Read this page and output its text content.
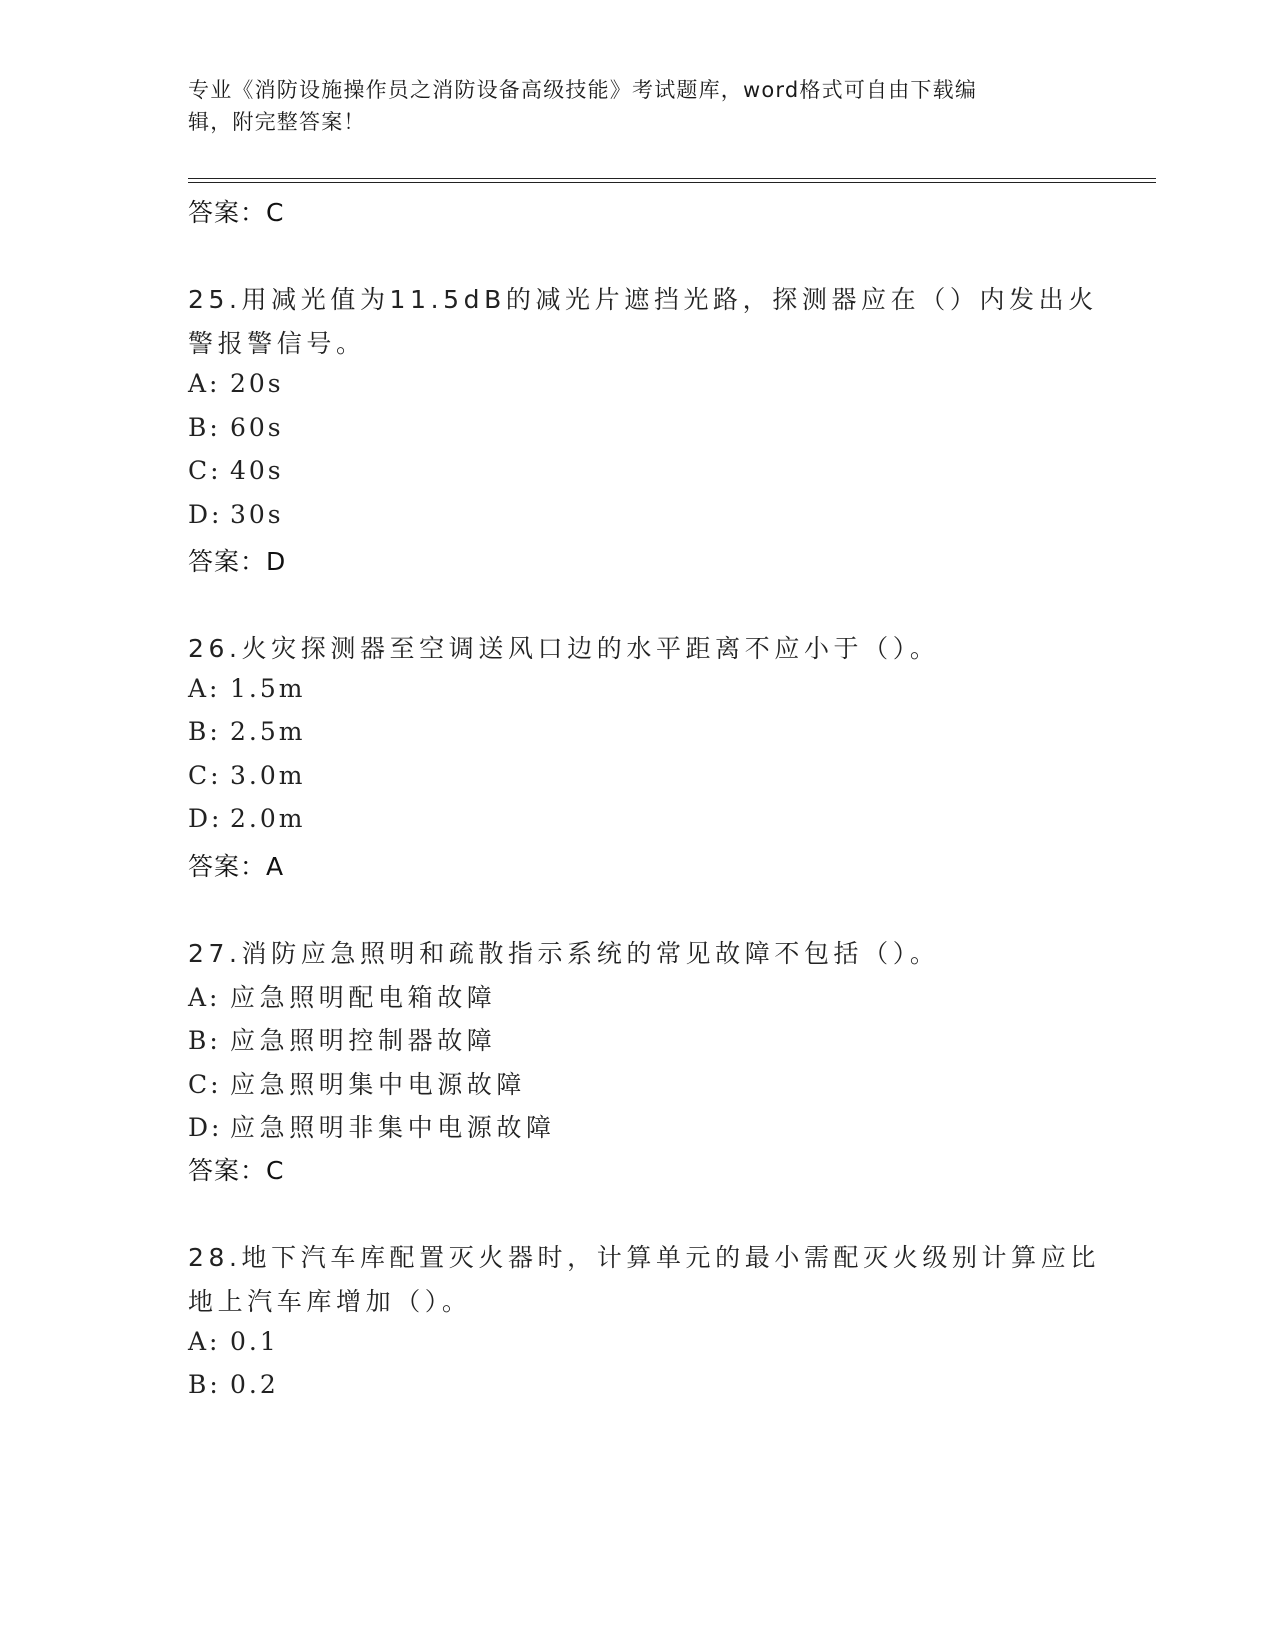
专业《消防设施操作员之消防设备高级技能》考试题库，word格式可自由下载编
辑，附完整答案！
答案：C
25.用减光值为11.5dB的减光片遮挡光路，探测器应在（）内发出火
警报警信号。
A: 20s
B: 60s
C: 40s
D: 30s
答案：D
26.火灾探测器至空调送风口边的水平距离不应小于（）。
A: 1.5m
B: 2.5m
C: 3.0m
D: 2.0m
答案：A
27.消防应急照明和疏散指示系统的常见故障不包括（）。
A: 应急照明配电箱故障
B: 应急照明控制器故障
C: 应急照明集中电源故障
D: 应急照明非集中电源故障
答案：C
28.地下汽车库配置灭火器时，计算单元的最小需配灭火级别计算应比
地上汽车库增加（）。
A: 0.1
B: 0.2
